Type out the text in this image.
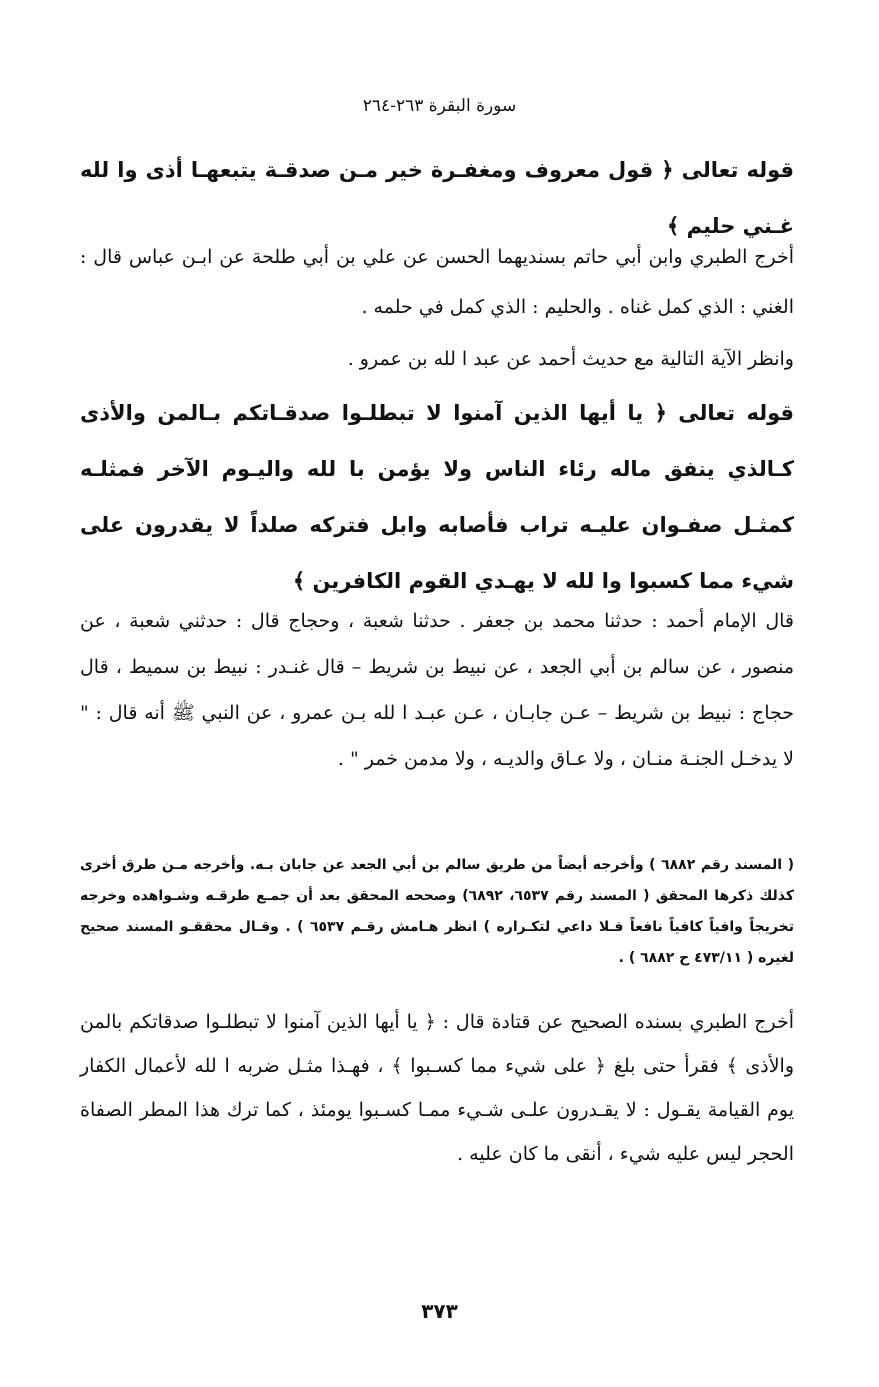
سورة البقرة ٢٦٣-٢٦٤

قوله تعالى ﴿ قول معروف ومغفـرة خير مـن صدقـة يتبعهـا أذى وا لله غـني حليم ﴾

أخرج الطبري وابن أبي حاتم بسنديهما الحسن عن علي بن أبي طلحة عن ابـن عباس قال : الغني : الذي كمل غناه . والحليم : الذي كمل في حلمه .

وانظر الآية التالية مع حديث أحمد عن عبد ا لله بن عمرو .

قوله تعالى ﴿ يا أيها الذين آمنوا لا تبطلـوا صدقـاتكم بـالمن والأذى كـالذي ينفق ماله رئاء الناس ولا يؤمن با لله واليـوم الآخر فمثلـه كمثـل صفـوان عليـه تراب فأصابه وابل فتركه صلداً لا يقدرون على شيء مما كسبوا وا لله لا يهـدي القوم الكافرين ﴾

قال الإمام أحمد : حدثنا محمد بن جعفر . حدثنا شعبة ، وحجاج قال : حدثني شعبة ، عن منصور ، عن سالم بن أبي الجعد ، عن نبيط بن شريط – قال غنـدر : نبيط بن سميط ، قال حجاج : نبيط بن شريط – عـن جابـان ، عـن عبـد ا لله بـن عمرو ، عن النبي ﷺ أنه قال : " لا يدخـل الجنـة منـان ، ولا عـاق والديـه ، ولا مدمن خمر " .

( المسند رقم ٦٨٨٢ ) وأخرجه أيضاً من طريق سالم بن أبي الجعد عن جابان بـه. وأخرجه مـن طرق أخرى كذلك ذكرها المحقق ( المسند رقم ٦٥٣٧، ٦٨٩٢) وصححه المحقق بعد أن جمـع طرقـه وشـواهده وخرجه تخريجاً وافياً كافياً نافعاً فـلا داعي لتكـراره ) انظر هـامش رقـم ٦٥٣٧ ) . وقـال محققـو المسند صحيح لغيره ( ٤٧٣/١١ ح ٦٨٨٢ ) .

أخرج الطبري بسنده الصحيح عن قتادة قال : ﴿ يا أيها الذين آمنوا لا تبطلـوا صدقاتكم بالمن والأذى ﴾ فقرأ حتى بلغ ﴿ على شيء مما كسـبوا ﴾ ، فهـذا مثـل ضربه ا لله لأعمال الكفار يوم القيامة يقـول : لا يقـدرون علـى شـيء ممـا كسـبوا يومئذ ، كما ترك هذا المطر الصفاة الحجر ليس عليه شيء ، أنقى ما كان عليه .

٣٧٣
